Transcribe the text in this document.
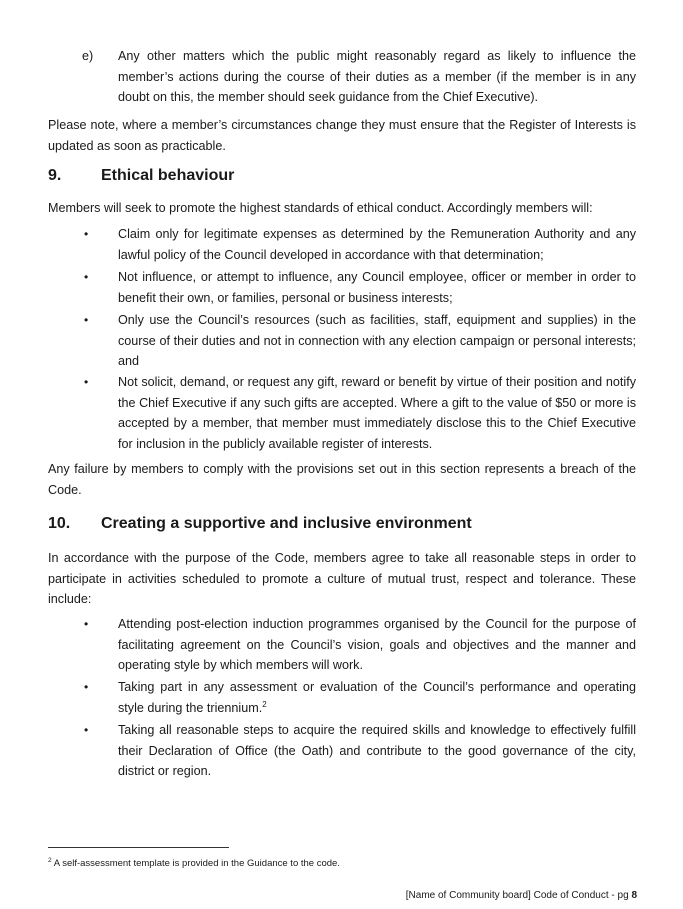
e) Any other matters which the public might reasonably regard as likely to influence the member’s actions during the course of their duties as a member (if the member is in any doubt on this, the member should seek guidance from the Chief Executive).

Please note, where a member’s circumstances change they must ensure that the Register of Interests is updated as soon as practicable.

9. Ethical behaviour

Members will seek to promote the highest standards of ethical conduct. Accordingly members will:

• Claim only for legitimate expenses as determined by the Remuneration Authority and any lawful policy of the Council developed in accordance with that determination;

• Not influence, or attempt to influence, any Council employee, officer or member in order to benefit their own, or families, personal or business interests;

• Only use the Council’s resources (such as facilities, staff, equipment and supplies) in the course of their duties and not in connection with any election campaign or personal interests; and

• Not solicit, demand, or request any gift, reward or benefit by virtue of their position and notify the Chief Executive if any such gifts are accepted. Where a gift to the value of $50 or more is accepted by a member, that member must immediately disclose this to the Chief Executive for inclusion in the publicly available register of interests.

Any failure by members to comply with the provisions set out in this section represents a breach of the Code.

10. Creating a supportive and inclusive environment

In accordance with the purpose of the Code, members agree to take all reasonable steps in order to participate in activities scheduled to promote a culture of mutual trust, respect and tolerance. These include:

• Attending post-election induction programmes organised by the Council for the purpose of facilitating agreement on the Council’s vision, goals and objectives and the manner and operating style by which members will work.

• Taking part in any assessment or evaluation of the Council’s performance and operating style during the triennium.$^2$

• Taking all reasonable steps to acquire the required skills and knowledge to effectively fulfill their Declaration of Office (the Oath) and contribute to the good governance of the city, district or region.

$^2$ A self-assessment template is provided in the Guidance to the code.

[Name of Community board] Code of Conduct - pg 8
